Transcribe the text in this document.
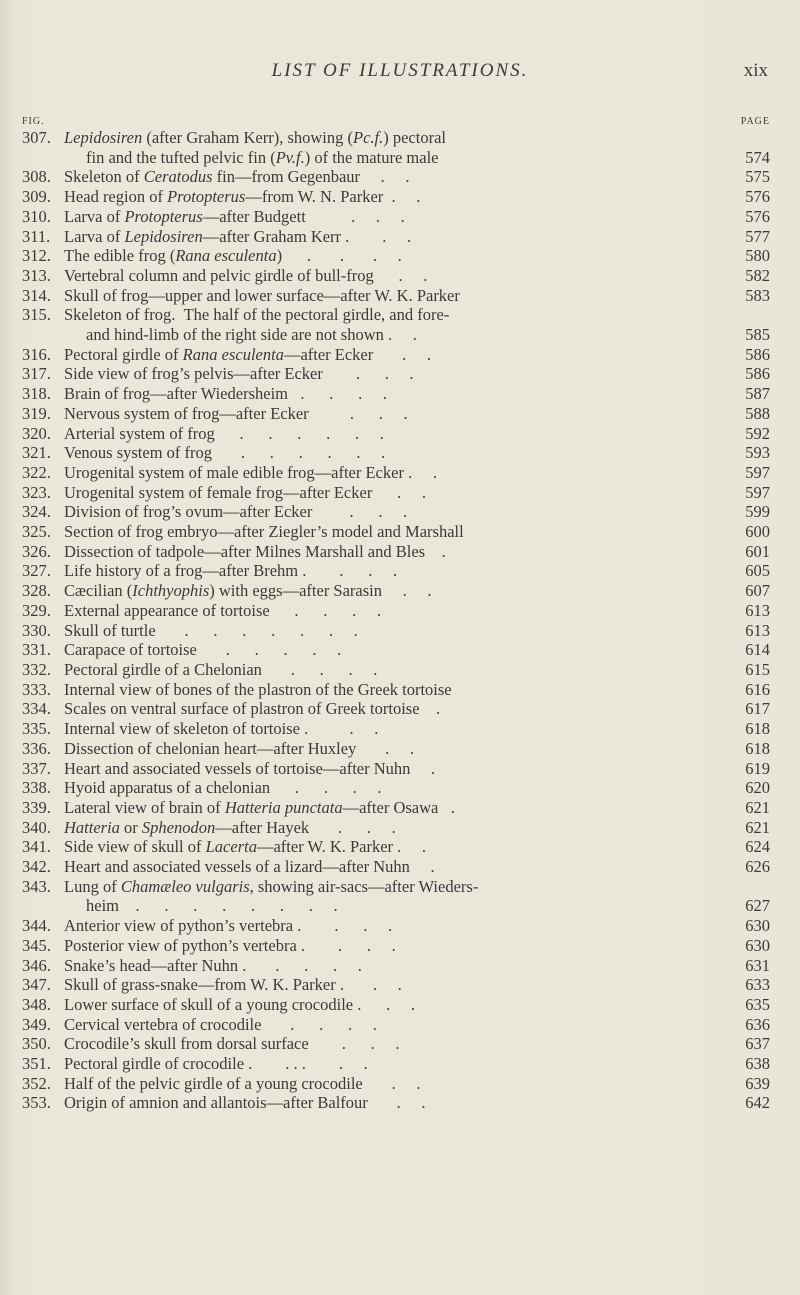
LIST OF ILLUSTRATIONS.	xix
FIG.	PAGE
307. Lepidosiren (after Graham Kerr), showing (Pc.f.) pectoral
fin and the tufted pelvic fin (Pv.f.) of the mature male	574
308. Skeleton of Ceratodus fin—from Gegenbaur     .     .	575
309. Head region of Protopterus—from W. N. Parker  .     .	576
310. Larva of Protopterus—after Budgett           .     .     .	576
311. Larva of Lepidosiren—after Graham Kerr .        .     .	577
312. The edible frog (Rana esculenta)      .       .       .     .	580
313. Vertebral column and pelvic girdle of bull-frog      .     .	582
314. Skull of frog—upper and lower surface—after W. K. Parker	583
315. Skeleton of frog.  The half of the pectoral girdle, and fore-
and hind-limb of the right side are not shown .     .	585
316. Pectoral girdle of Rana esculenta—after Ecker       .     .	586
317. Side view of frog’s pelvis—after Ecker        .      .     .	586
318. Brain of frog—after Wiedersheim   .      .      .     .	587
319. Nervous system of frog—after Ecker          .      .     .	588
320. Arterial system of frog      .      .      .      .      .     .	592
321. Venous system of frog       .      .      .      .      .     .	593
322. Urogenital system of male edible frog—after Ecker .     .	597
323. Urogenital system of female frog—after Ecker      .     .	597
324. Division of frog’s ovum—after Ecker         .      .     .	599
325. Section of frog embryo—after Ziegler’s model and Marshall	600
326. Dissection of tadpole—after Milnes Marshall and Bles    .	601
327. Life history of a frog—after Brehm .        .      .     .	605
328. Cæcilian (Ichthyophis) with eggs—after Sarasin     .     .	607
329. External appearance of tortoise      .      .      .     .	613
330. Skull of turtle       .      .      .      .      .      .     .	613
331. Carapace of tortoise       .      .      .      .     .	614
332. Pectoral girdle of a Chelonian       .      .      .     .	615
333. Internal view of bones of the plastron of the Greek tortoise	616
334. Scales on ventral surface of plastron of Greek tortoise    .	617
335. Internal view of skeleton of tortoise .          .     .	618
336. Dissection of chelonian heart—after Huxley       .     .	618
337. Heart and associated vessels of tortoise—after Nuhn     .	619
338. Hyoid apparatus of a chelonian      .      .      .     .	620
339. Lateral view of brain of Hatteria punctata—after Osawa   .	621
340. Hatteria or Sphenodon—after Hayek       .      .     .	621
341. Side view of skull of Lacerta—after W. K. Parker .     .	624
342. Heart and associated vessels of a lizard—after Nuhn     .	626
343. Lung of Chamæleo vulgaris, showing air-sacs—after Wieders-
heim    .      .      .      .      .      .      .     .	627
344. Anterior view of python’s vertebra .        .      .     .	630
345. Posterior view of python’s vertebra .        .      .     .	630
346. Snake’s head—after Nuhn .       .      .      .     .	631
347. Skull of grass-snake—from W. K. Parker .       .     .	633
348. Lower surface of skull of a young crocodile .      .     .	635
349. Cervical vertebra of crocodile       .      .      .     .	636
350. Crocodile’s skull from dorsal surface        .      .     .	637
351. Pectoral girdle of crocodile .        . . .        .     .	638
352. Half of the pelvic girdle of a young crocodile       .     .	639
353. Origin of amnion and allantois—after Balfour       .     .	642
